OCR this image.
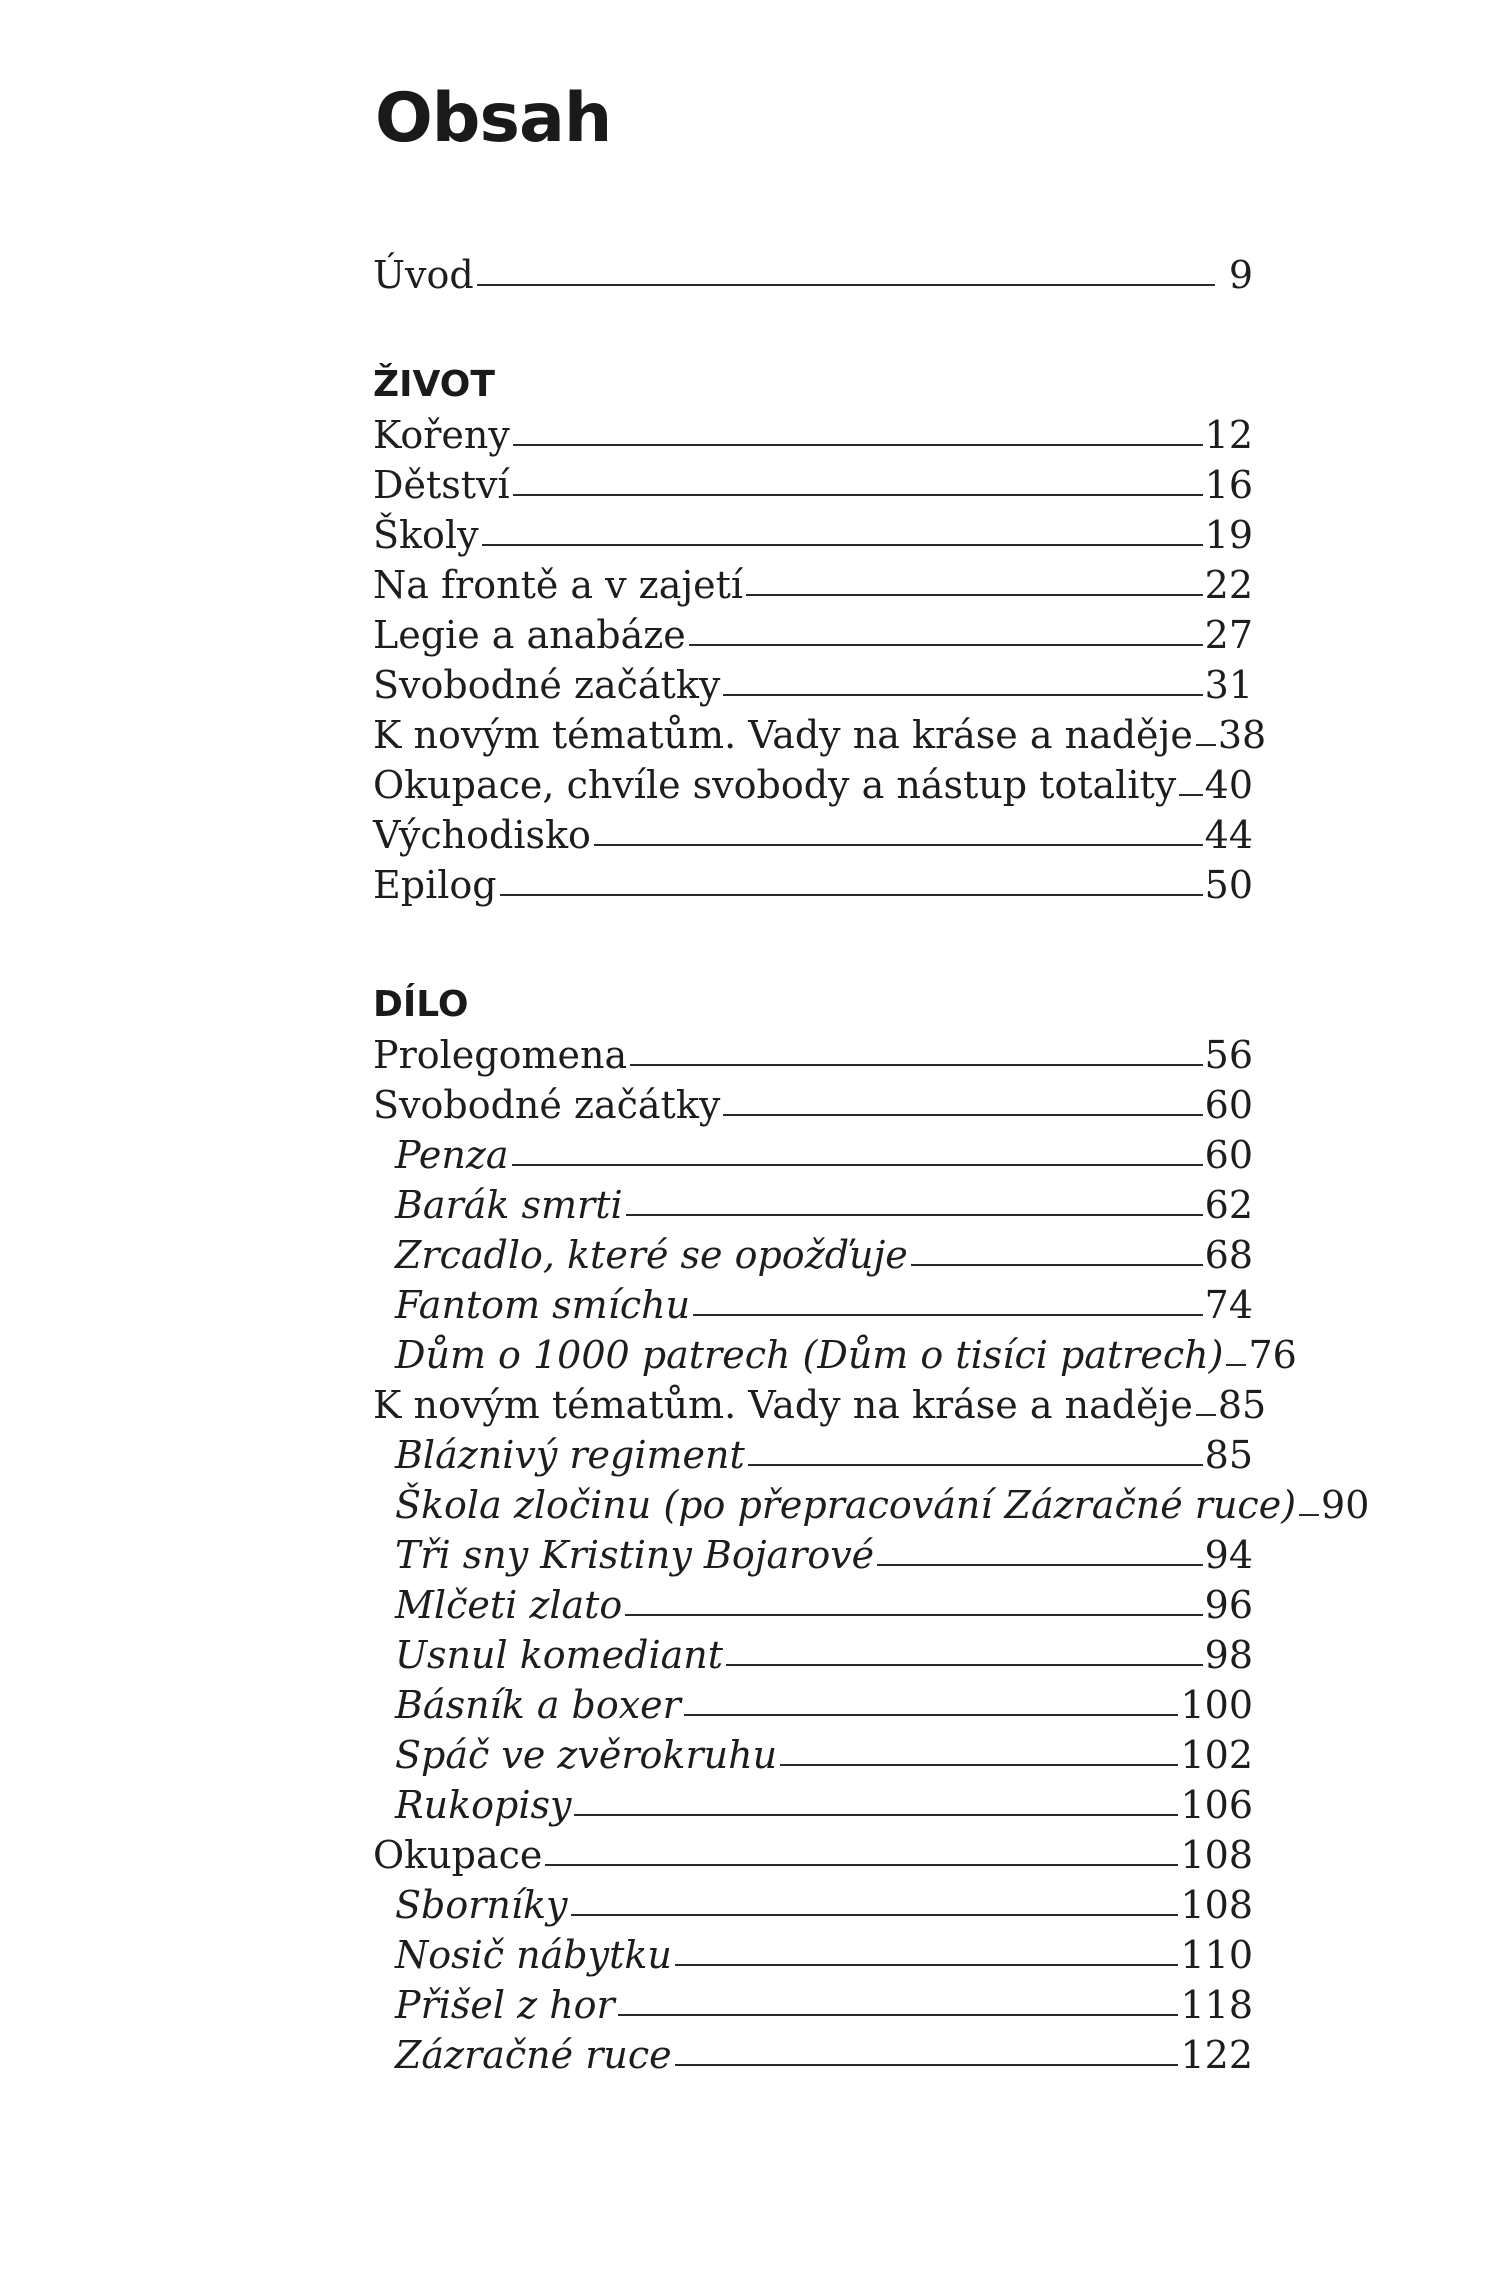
Obsah
Úvod	9
ŽIVOT
Kořeny	12
Dětství	16
Školy	19
Na frontě a v zajetí	22
Legie a anabáze	27
Svobodné začátky	31
K novým tématům. Vady na kráse a naděje 38
Okupace, chvíle svobody a nástup totality 40
Východisko	44
Epilog	50
DÍLO
Prolegomena	56
Svobodné začátky	60
Penza	60
Barák smrti	62
Zrcadlo, které se opožďuje	68
Fantom smíchu	74
Dům o 1000 patrech (Dům o tisíci patrech) 76
K novým tématům. Vady na kráse a naděje 85
Bláznivý regiment	85
Škola zločinu (po přepracování Zázračné ruce) 90
Tři sny Kristiny Bojarové	94
Mlčeti zlato	96
Usnul komediant	98
Básník a boxer	100
Spáč ve zvěrokruhu	102
Rukopisy	106
Okupace	108
Sborníky	108
Nosič nábytku	110
Přišel z hor	118
Zázračné ruce	122
